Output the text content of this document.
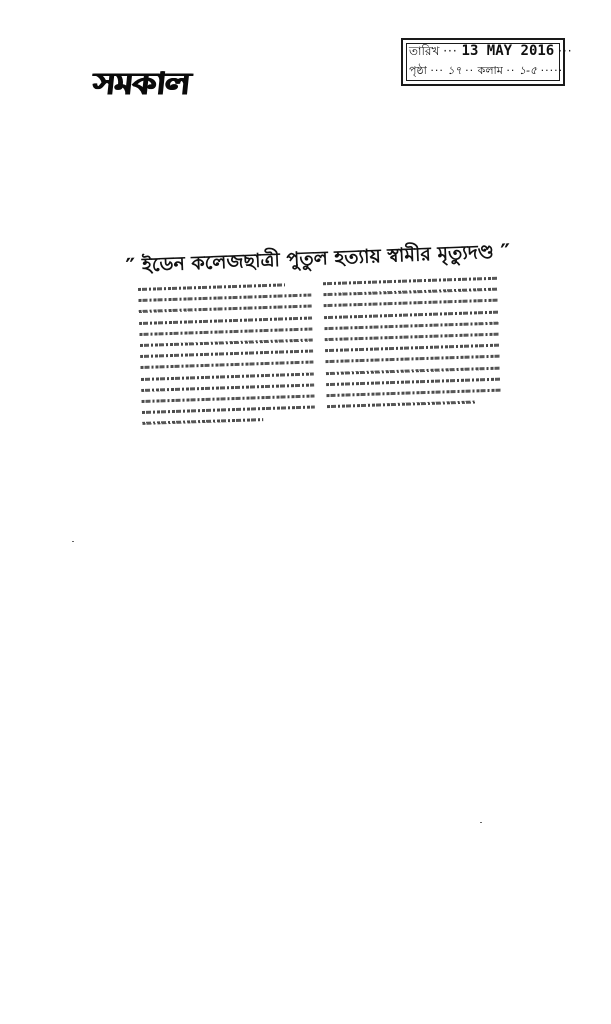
সমকাল
তারিখ ··· 13 MAY 2016 ···
পৃষ্ঠা ··· ১৭ ·· কলাম ·· ১-৫ ·····
″ ইডেন কলেজছাত্রী পুতুল হত্যায় স্বামীর মৃত্যুদণ্ড ″
